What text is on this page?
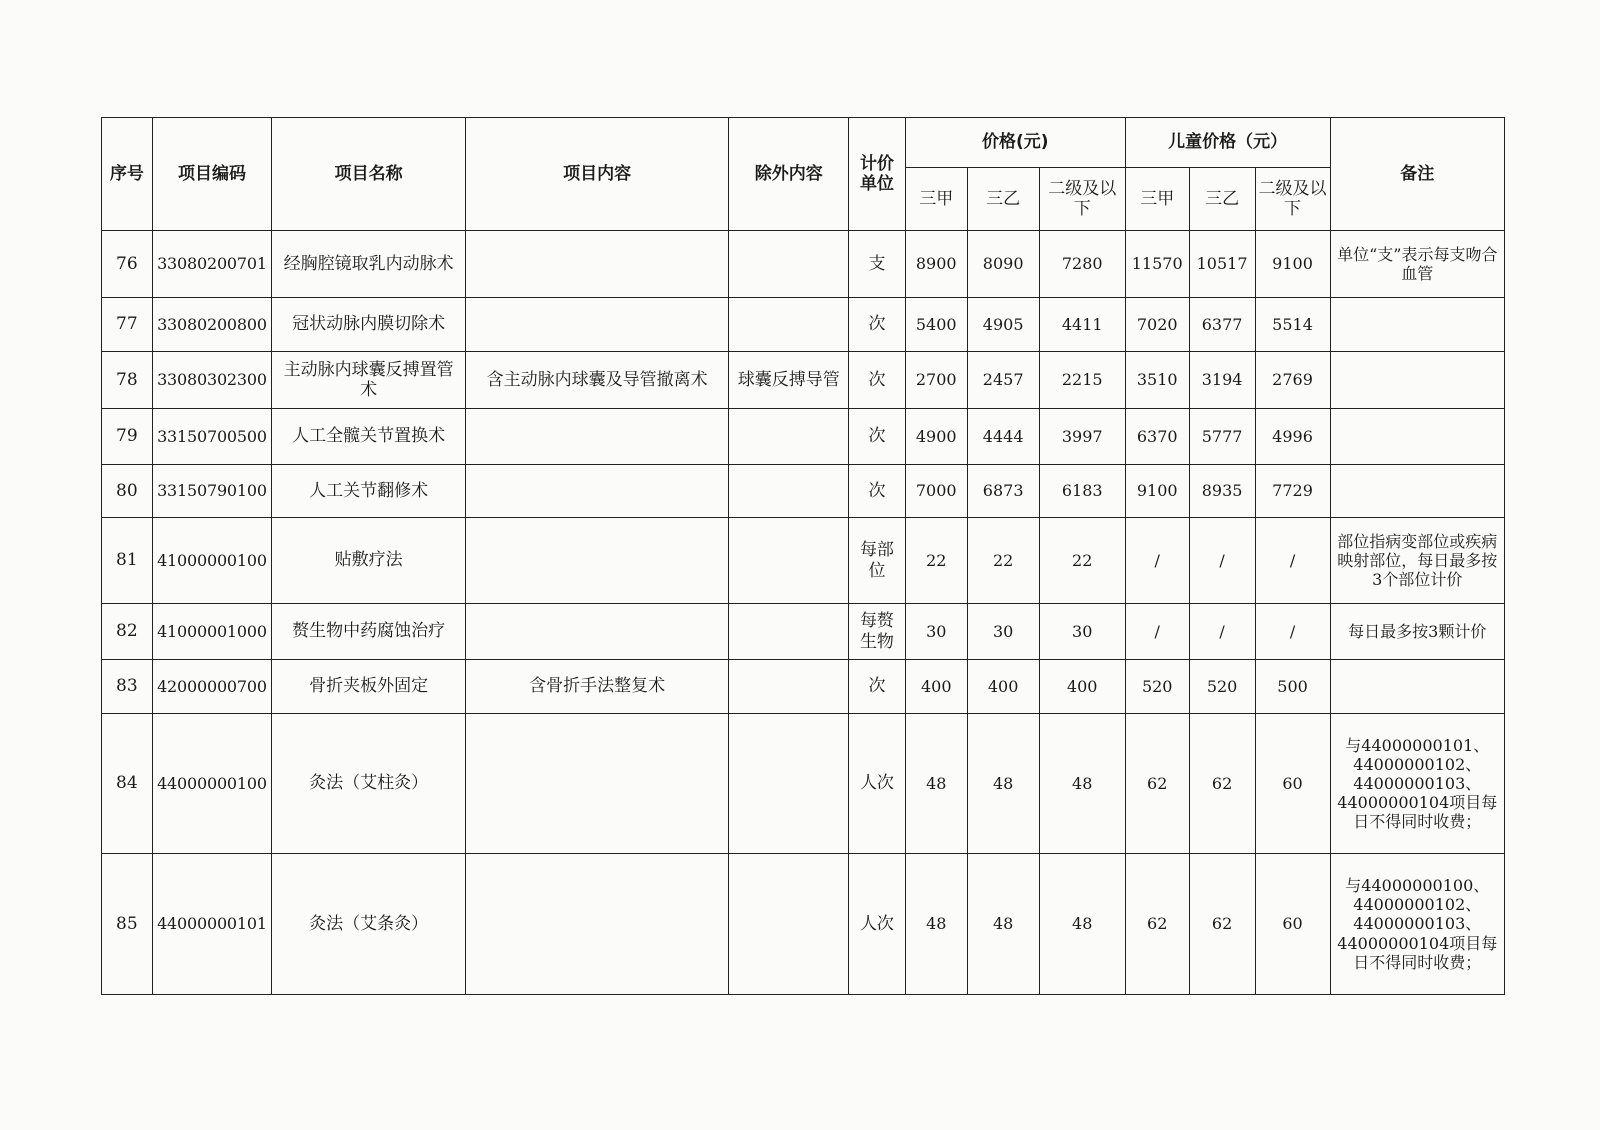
序号	项目编码	项目名称	项目内容	除外内容	计价单位	价格(元)			儿童价格（元）			备注
						三甲	三乙	二级及以下	三甲	三乙	二级及以下	
76	33080200701	经胸腔镜取乳内动脉术			支	8900	8090	7280	11570	10517	9100	单位“支”表示每支吻合血管
77	33080200800	冠状动脉内膜切除术			次	5400	4905	4411	7020	6377	5514	
78	33080302300	主动脉内球囊反搏置管术	含主动脉内球囊及导管撤离术	球囊反搏导管	次	2700	2457	2215	3510	3194	2769	
79	33150700500	人工全髋关节置换术			次	4900	4444	3997	6370	5777	4996	
80	33150790100	人工关节翻修术			次	7000	6873	6183	9100	8935	7729	
81	41000000100	贴敷疗法			每部位	22	22	22	/	/	/	部位指病变部位或疾病映射部位，每日最多按3个部位计价
82	41000001000	赘生物中药腐蚀治疗			每赘生物	30	30	30	/	/	/	每日最多按3颗计价
83	42000000700	骨折夹板外固定	含骨折手法整复术		次	400	400	400	520	520	500	
84	44000000100	灸法（艾柱灸）			人次	48	48	48	62	62	60	与44000000101、44000000102、44000000103、44000000104项目每日不得同时收费；
85	44000000101	灸法（艾条灸）			人次	48	48	48	62	62	60	与44000000100、44000000102、44000000103、44000000104项目每日不得同时收费；
